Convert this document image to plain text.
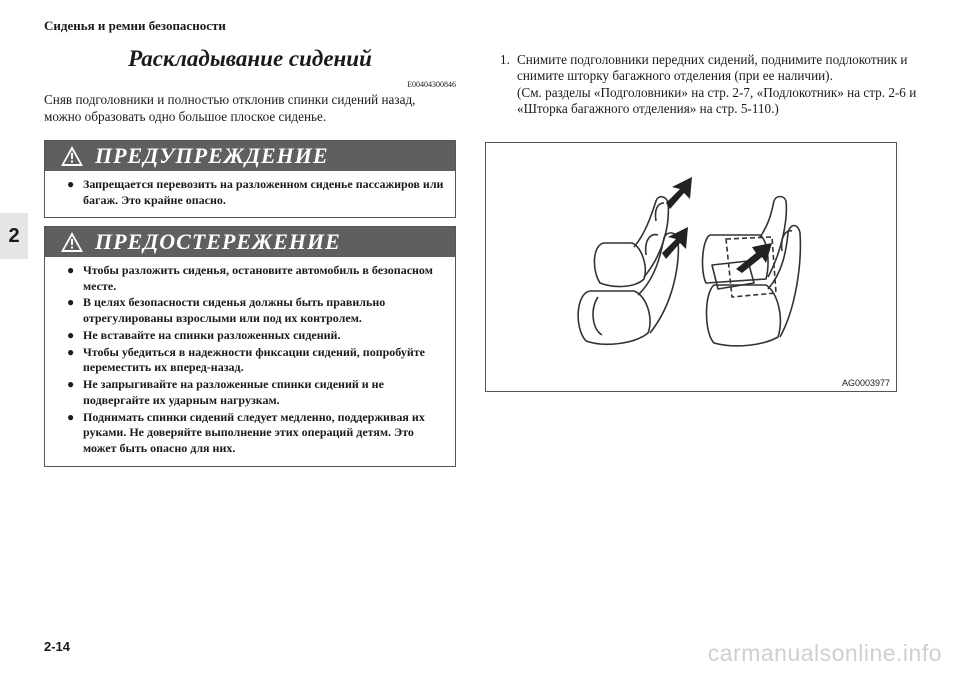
Сиденья и ремни безопасности
2
Раскладывание сидений
E00404300846
Сняв подголовники и полностью отклонив спинки сидений назад, можно образовать одно большое плоское сиденье.
ПРЕДУПРЕЖДЕНИЕ
● Запрещается перевозить на разложенном сиденье пассажиров или багаж. Это крайне опасно.
ПРЕДОСТЕРЕЖЕНИЕ
● Чтобы разложить сиденья, остановите автомобиль в безопасном месте.
● В целях безопасности сиденья должны быть правильно отрегулированы взрослыми или под их контролем.
● Не вставайте на спинки разложенных сидений.
● Чтобы убедиться в надежности фиксации сидений, попробуйте переместить их вперед-назад.
● Не запрыгивайте на разложенные спинки сидений и не подвергайте их ударным нагрузкам.
● Поднимать спинки сидений следует медленно, поддерживая их руками. Не доверяйте выполнение этих операций детям. Это может быть опасно для них.
1. Снимите подголовники передних сидений, поднимите подлокотник и снимите шторку багажного отделения (при ее наличии).
(См. разделы «Подголовники» на стр. 2-7, «Подлокотник» на стр. 2-6 и «Шторка багажного отделения» на стр. 5-110.)
AG0003977
2-14	carmanualsonline.info
